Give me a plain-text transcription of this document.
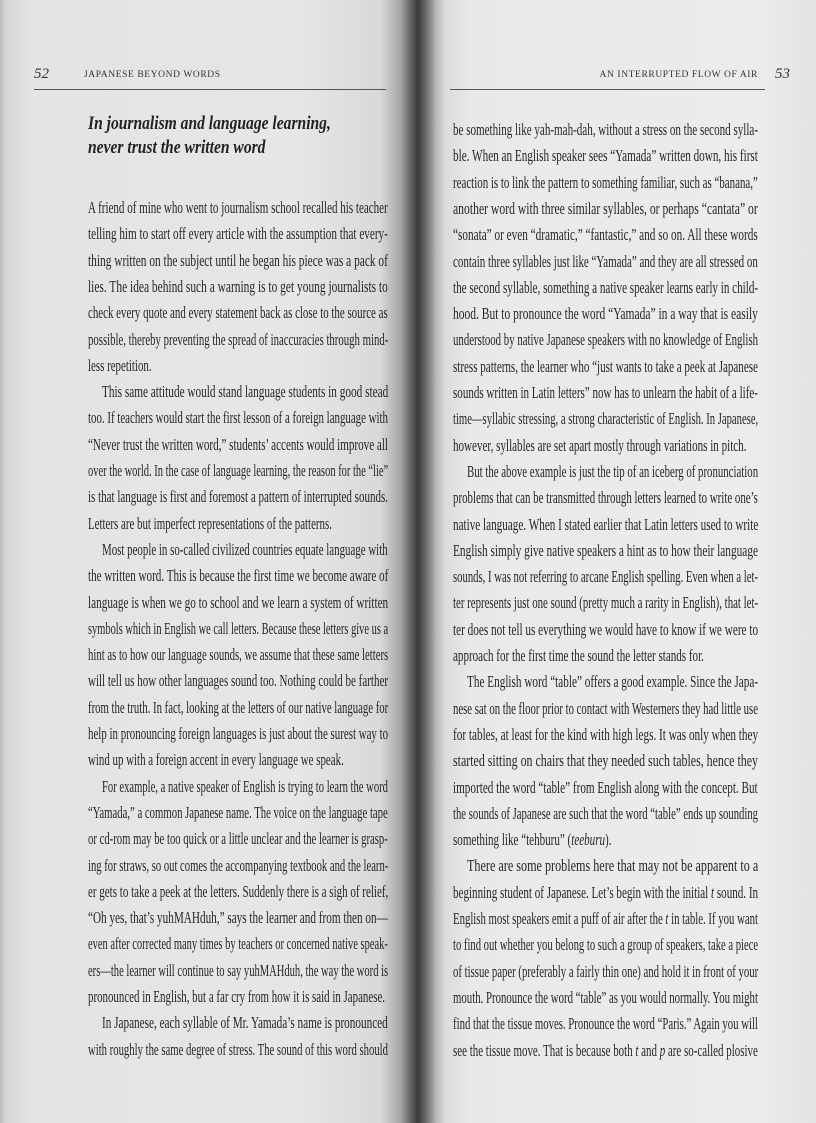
52	JAPANESE BEYOND WORDS
In journalism and language learning,
never trust the written word
A friend of mine who went to journalism school recalled his teacher
telling him to start off every article with the assumption that every-
thing written on the subject until he began his piece was a pack of
lies. The idea behind such a warning is to get young journalists to
check every quote and every statement back as close to the source as
possible, thereby preventing the spread of inaccuracies through mind-
less repetition.
This same attitude would stand language students in good stead
too. If teachers would start the first lesson of a foreign language with
“Never trust the written word,” students’ accents would improve all
over the world. In the case of language learning, the reason for the “lie”
is that language is first and foremost a pattern of interrupted sounds.
Letters are but imperfect representations of the patterns.
Most people in so-called civilized countries equate language with
the written word. This is because the first time we become aware of
language is when we go to school and we learn a system of written
symbols which in English we call letters. Because these letters give us a
hint as to how our language sounds, we assume that these same letters
will tell us how other languages sound too. Nothing could be farther
from the truth. In fact, looking at the letters of our native language for
help in pronouncing foreign languages is just about the surest way to
wind up with a foreign accent in every language we speak.
For example, a native speaker of English is trying to learn the word
“Yamada,” a common Japanese name. The voice on the language tape
or cd-rom may be too quick or a little unclear and the learner is grasp-
ing for straws, so out comes the accompanying textbook and the learn-
er gets to take a peek at the letters. Suddenly there is a sigh of relief,
“Oh yes, that’s yuhMAHduh,” says the learner and from then on—
even after corrected many times by teachers or concerned native speak-
ers—the learner will continue to say yuhMAHduh, the way the word is
pronounced in English, but a far cry from how it is said in Japanese.
In Japanese, each syllable of Mr. Yamada’s name is pronounced
with roughly the same degree of stress. The sound of this word should
AN INTERRUPTED FLOW OF AIR 53
be something like yah-mah-dah, without a stress on the second sylla-
ble. When an English speaker sees “Yamada” written down, his first
reaction is to link the pattern to something familiar, such as “banana,”
another word with three similar syllables, or perhaps “cantata” or
“sonata” or even “dramatic,” “fantastic,” and so on. All these words
contain three syllables just like “Yamada” and they are all stressed on
the second syllable, something a native speaker learns early in child-
hood. But to pronounce the word “Yamada” in a way that is easily
understood by native Japanese speakers with no knowledge of English
stress patterns, the learner who “just wants to take a peek at Japanese
sounds written in Latin letters” now has to unlearn the habit of a life-
time—syllabic stressing, a strong characteristic of English. In Japanese,
however, syllables are set apart mostly through variations in pitch.
But the above example is just the tip of an iceberg of pronunciation
problems that can be transmitted through letters learned to write one’s
native language. When I stated earlier that Latin letters used to write
English simply give native speakers a hint as to how their language
sounds, I was not referring to arcane English spelling. Even when a let-
ter represents just one sound (pretty much a rarity in English), that let-
ter does not tell us everything we would have to know if we were to
approach for the first time the sound the letter stands for.
The English word “table” offers a good example. Since the Japa-
nese sat on the floor prior to contact with Westerners they had little use
for tables, at least for the kind with high legs. It was only when they
started sitting on chairs that they needed such tables, hence they
imported the word “table” from English along with the concept. But
the sounds of Japanese are such that the word “table” ends up sounding
something like “tehburu” (teeburu).
There are some problems here that may not be apparent to a
beginning student of Japanese. Let’s begin with the initial t sound. In
English most speakers emit a puff of air after the t in table. If you want
to find out whether you belong to such a group of speakers, take a piece
of tissue paper (preferably a fairly thin one) and hold it in front of your
mouth. Pronounce the word “table” as you would normally. You might
find that the tissue moves. Pronounce the word “Paris.” Again you will
see the tissue move. That is because both t and p are so-called plosive
